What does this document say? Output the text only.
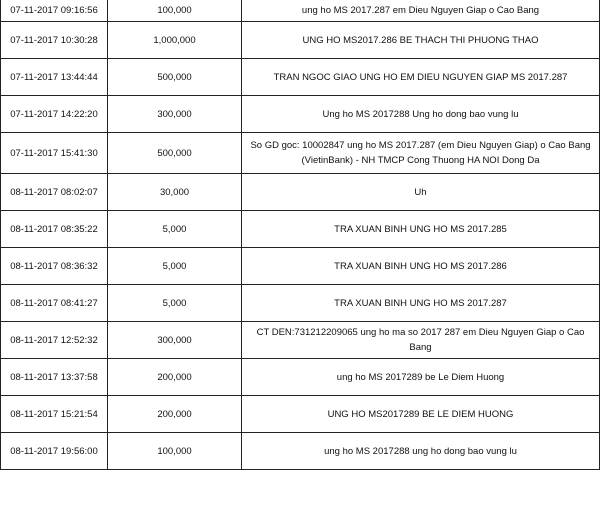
07-11-2017 09:16:56	100,000	ung ho MS 2017.287 em Dieu Nguyen Giap o Cao Bang
07-11-2017 10:30:28	1,000,000	UNG HO MS2017.286 BE THACH THI PHUONG THAO
07-11-2017 13:44:44	500,000	TRAN NGOC GIAO UNG HO EM DIEU NGUYEN GIAP MS 2017.287
07-11-2017 14:22:20	300,000	Ung ho MS 2017288 Ung ho dong bao vung lu
07-11-2017 15:41:30	500,000	So GD goc: 10002847 ung ho MS 2017.287 (em Dieu Nguyen Giap) o Cao Bang (VietinBank) - NH TMCP Cong Thuong HA NOI Dong Da

08-11-2017 08:02:07	30,000	Uh
08-11-2017 08:35:22	5,000	TRA XUAN BINH UNG HO MS 2017.285
08-11-2017 08:36:32	5,000	TRA XUAN BINH UNG HO MS 2017.286
08-11-2017 08:41:27	5,000	TRA XUAN BINH UNG HO MS 2017.287
08-11-2017 12:52:32	300,000	CT DEN:731212209065 ung ho ma so 2017 287 em Dieu Nguyen Giap o Cao Bang
08-11-2017 13:37:58	200,000	ung ho MS 2017289 be Le Diem Huong
08-11-2017 15:21:54	200,000	UNG HO MS2017289 BE LE DIEM HUONG
08-11-2017 19:56:00	100,000	ung ho MS 2017288 ung ho dong bao vung lu
